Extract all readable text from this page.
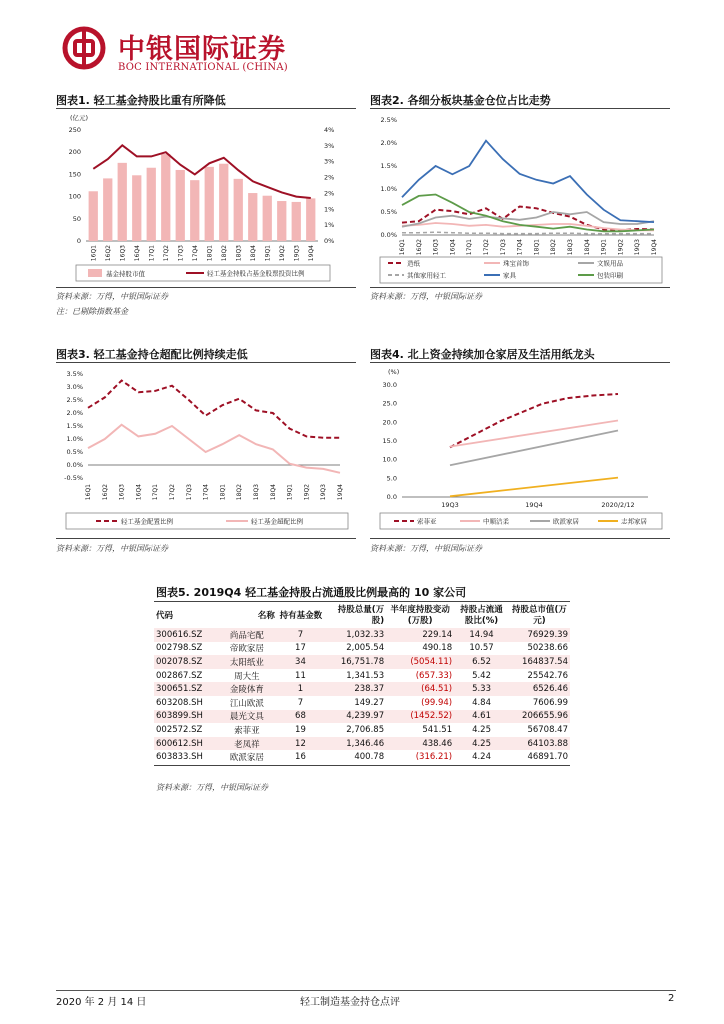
中银国际证券
BOC INTERNATIONAL (CHINA)
图表1. 轻工基金持股比重有所降低
(亿元)
250
200
150
100
50
0
4%
3%
3%
2%
2%
1%
1%
0%
16Q1 16Q2 16Q3 16Q4 17Q1 17Q2 17Q3 17Q4 18Q1 18Q2 18Q3 18Q4 19Q1 19Q2 19Q3 19Q4
基金持股市值	轻工基金持股占基金股票投资比例
资料来源：万得，中银国际证券
注：已剔除指数基金
图表2. 各细分板块基金仓位占比走势
2.5%
2.0%
1.5%
1.0%
0.5%
0.0%
16Q1 16Q2 16Q3 16Q4 17Q1 17Q2 17Q3 17Q4 18Q1 18Q2 18Q3 18Q4 19Q1 19Q2 19Q3 19Q4
造纸	珠宝首饰	文娱用品
其他家用轻工	家具	包装印刷
资料来源：万得，中银国际证券
图表3. 轻工基金持仓超配比例持续走低
3.5%
3.0%
2.5%
2.0%
1.5%
1.0%
0.5%
0.0%
-0.5%
16Q1 16Q2 16Q3 16Q4 17Q1 17Q2 17Q3 17Q4 18Q1 18Q2 18Q3 18Q4 19Q1 19Q2 19Q3 19Q4
轻工基金配置比例	轻工基金超配比例
资料来源：万得，中银国际证券
图表4. 北上资金持续加仓家居及生活用纸龙头
(%)
30.0
25.0
20.0
15.0
10.0
5.0
0.0
19Q3	19Q4	2020/2/12
索菲亚	中顺洁柔	欧派家居	志邦家居
资料来源：万得，中银国际证券
图表5. 2019Q4 轻工基金持股占流通股比例最高的 10 家公司
代码	名称	持有基金数	持股总量(万股)	半年度持股变动(万股)	持股占流通股比(%)	持股总市值(万元)
300616.SZ	尚品宅配	7	1,032.33	229.14	14.94	76929.39
002798.SZ	帝欧家居	17	2,005.54	490.18	10.57	50238.66
002078.SZ	太阳纸业	34	16,751.78	(5054.11)	6.52	164837.54
002867.SZ	周大生	11	1,341.53	(657.33)	5.42	25542.76
300651.SZ	金陵体育	1	238.37	(64.51)	5.33	6526.46
603208.SH	江山欧派	7	149.27	(99.94)	4.84	7606.99
603899.SH	晨光文具	68	4,239.97	(1452.52)	4.61	206655.96
002572.SZ	索菲亚	19	2,706.85	541.51	4.25	56708.47
600612.SH	老凤祥	12	1,346.46	438.46	4.25	64103.88
603833.SH	欧派家居	16	400.78	(316.21)	4.24	46891.70
资料来源：万得，中银国际证券
2020 年 2 月 14 日	轻工制造基金持仓点评	2
